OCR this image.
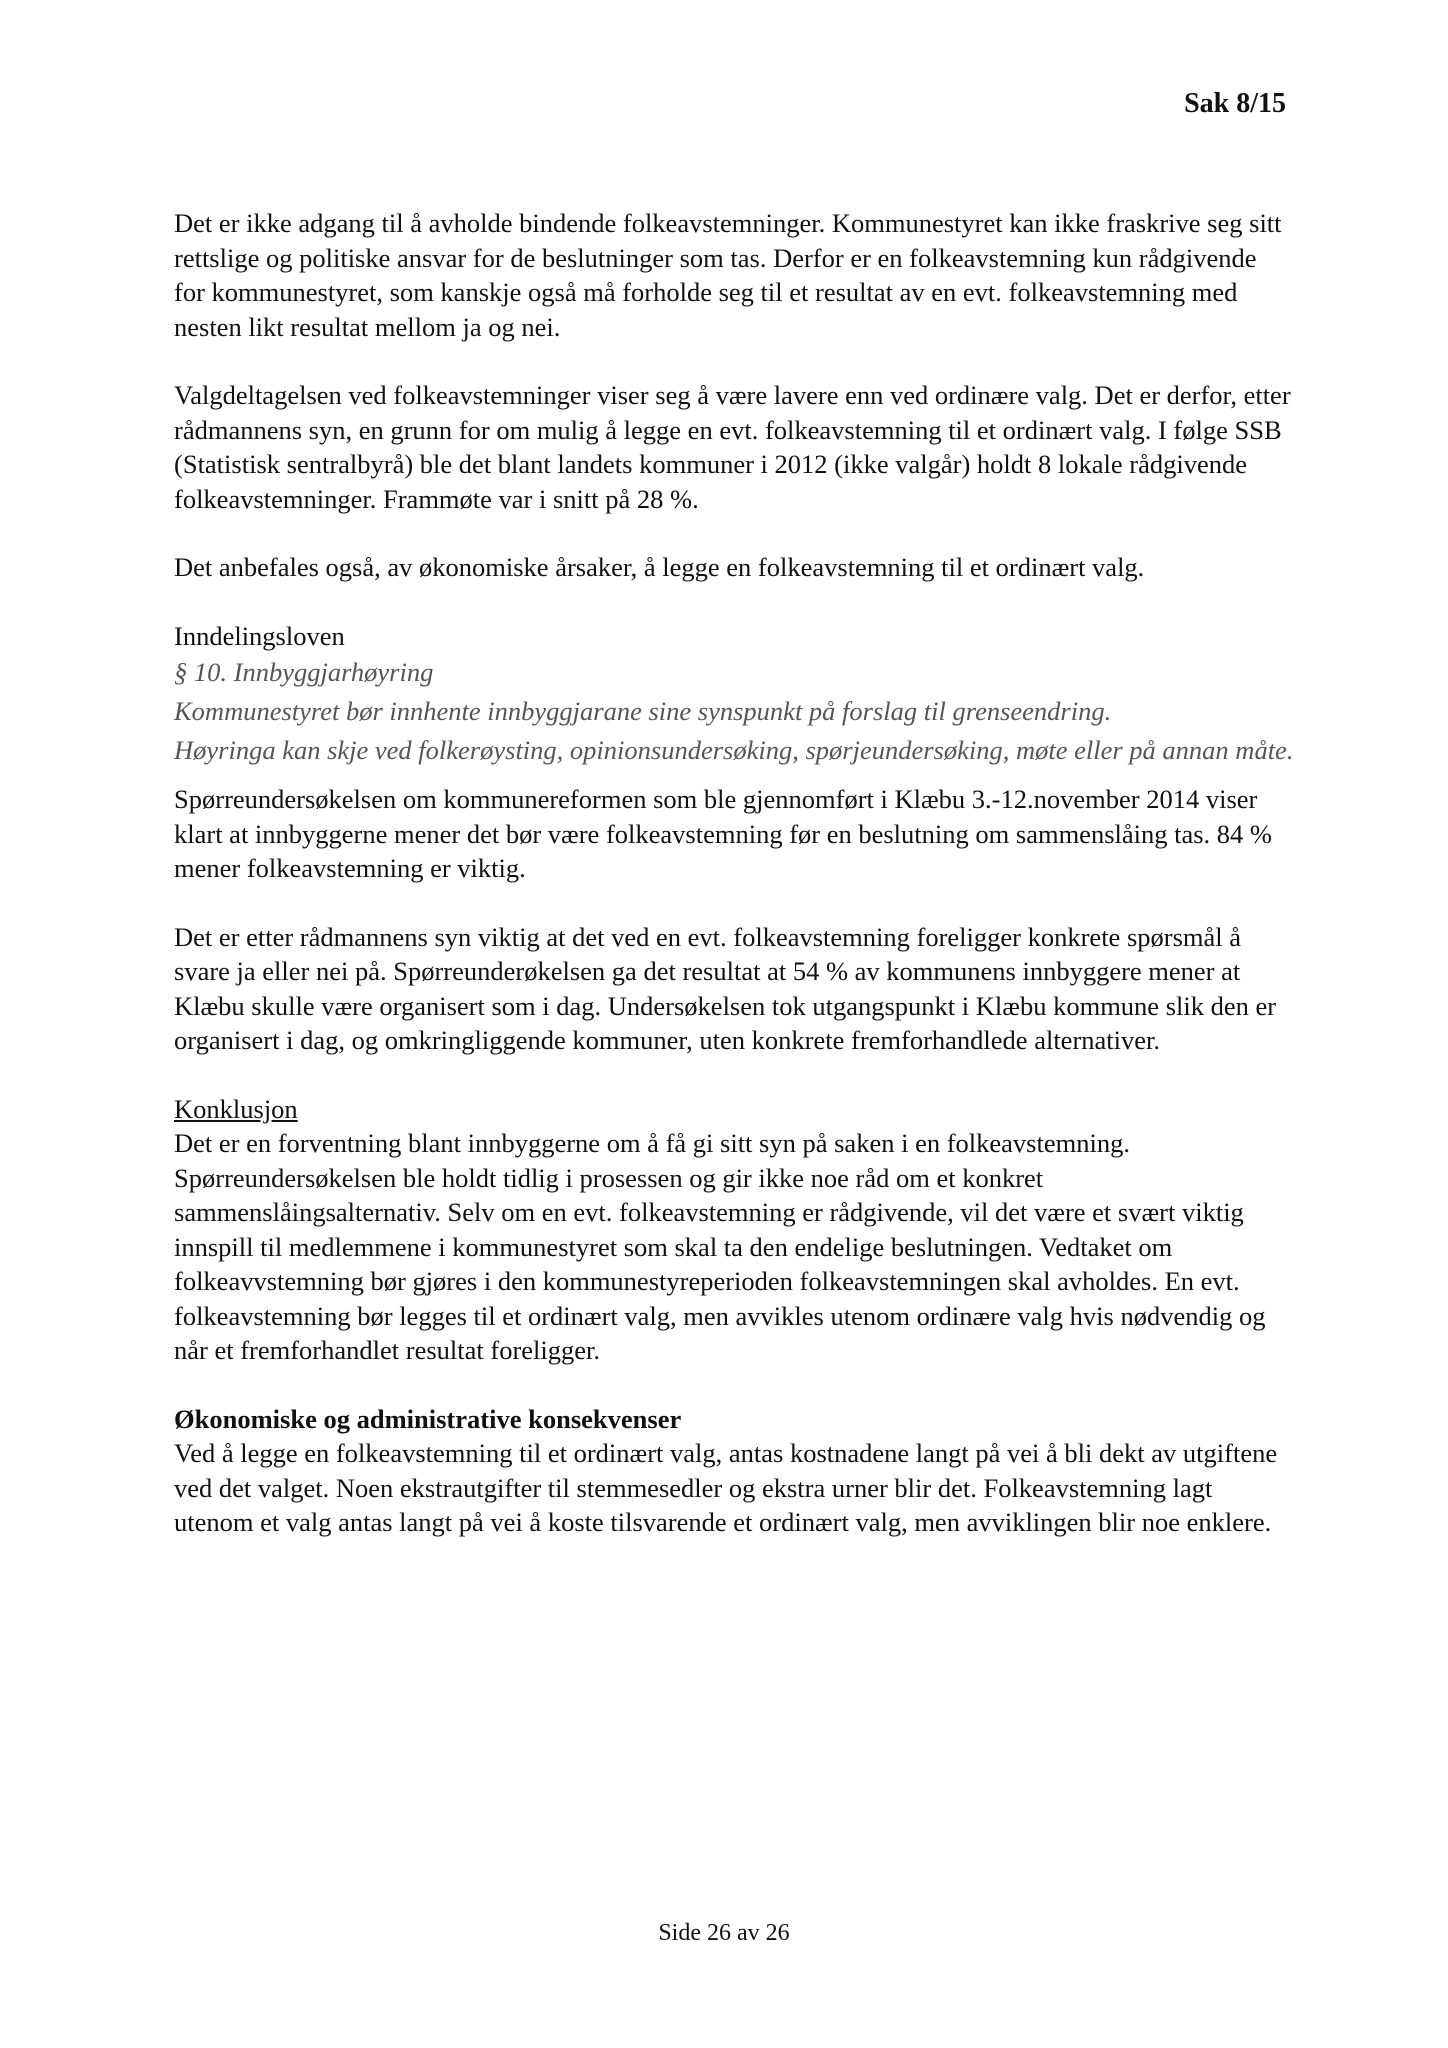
Sak 8/15

Det er ikke adgang til å avholde bindende folkeavstemninger. Kommunestyret kan ikke fraskrive seg sitt rettslige og politiske ansvar for de beslutninger som tas. Derfor er en folkeavstemning kun rådgivende for kommunestyret, som kanskje også må forholde seg til et resultat av en evt. folkeavstemning med nesten likt resultat mellom ja og nei.

Valgdeltagelsen ved folkeavstemninger viser seg å være lavere enn ved ordinære valg. Det er derfor, etter rådmannens syn, en grunn for om mulig å legge en evt. folkeavstemning til et ordinært valg. I følge SSB (Statistisk sentralbyrå) ble det blant landets kommuner i 2012 (ikke valgår) holdt 8 lokale rådgivende folkeavstemninger. Frammøte var i snitt på 28 %.

Det anbefales også, av økonomiske årsaker, å legge en folkeavstemning til et ordinært valg.

Inndelingsloven

§ 10. Innbyggjarhøyring

Kommunestyret bør innhente innbyggjarane sine synspunkt på forslag til grenseendring.

Høyringa kan skje ved folkerøysting, opinionsundersøking, spørjeundersøking, møte eller på annan måte.

Spørreundersøkelsen om kommunereformen som ble gjennomført i Klæbu 3.-12.november 2014 viser klart at innbyggerne mener det bør være folkeavstemning før en beslutning om sammenslåing tas. 84 % mener folkeavstemning er viktig.

Det er etter rådmannens syn viktig at det ved en evt. folkeavstemning foreligger konkrete spørsmål å svare ja eller nei på. Spørreunderøkelsen ga det resultat at 54 % av kommunens innbyggere mener at Klæbu skulle være organisert som i dag. Undersøkelsen tok utgangspunkt i Klæbu kommune slik den er organisert i dag, og omkringliggende kommuner, uten konkrete fremforhandlede alternativer.

Konklusjon

Det er en forventning blant innbyggerne om å få gi sitt syn på saken i en folkeavstemning. Spørreundersøkelsen ble holdt tidlig i prosessen og gir ikke noe råd om et konkret sammenslåingsalternativ. Selv om en evt. folkeavstemning er rådgivende, vil det være et svært viktig innspill til medlemmene i kommunestyret som skal ta den endelige beslutningen. Vedtaket om folkeavvstemning bør gjøres i den kommunestyreperioden folkeavstemningen skal avholdes. En evt. folkeavstemning bør legges til et ordinært valg, men avvikles utenom ordinære valg hvis nødvendig og når et fremforhandlet resultat foreligger.

Økonomiske og administrative konsekvenser

Ved å legge en folkeavstemning til et ordinært valg, antas kostnadene langt på vei å bli dekt av utgiftene ved det valget. Noen ekstrautgifter til stemmesedler og ekstra urner blir det. Folkeavstemning lagt utenom et valg antas langt på vei å koste tilsvarende et ordinært valg, men avviklingen blir noe enklere.

Side 26 av 26
